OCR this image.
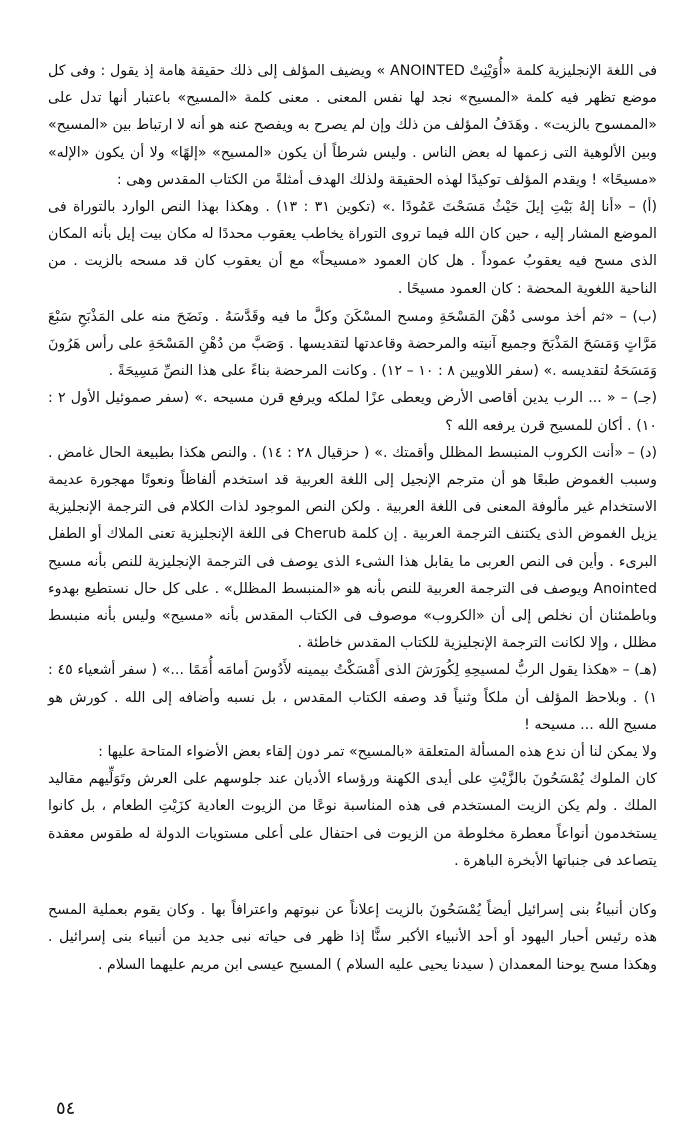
فى اللغة الإنجليزية كلمة «أُوَيْنِتْ ANOINTED » ويضيف المؤلف إلى ذلك حقيقة هامة إذ يقول : وفى كل موضع تظهر فيه كلمة «المسيح» نجد لها نفس المعنى . معنى كلمة «المسيح» باعتبار أنها تدل على «الممسوح بالزيت» . وهَدَفُ المؤلف من ذلك وإن لم يصرح به ويفصح عنه هو أنه لا ارتباط بين «المسيح» وبين الألوهية التى زعمها له بعض الناس . وليس شرطاً أن يكون «المسيح» «إلهًا» ولا أن يكون «الإله» «مسيحًا» ! ويقدم المؤلف توكيدًا لهذه الحقيقة ولذلك الهدف أمثلةً من الكتاب المقدس وهى :

(أ) – «أنا إلهُ بَيْتِ إيلَ حَيْثُ مَسَحْتَ عَمُودًا .» (تكوين ٣١ : ١٣) . وهكذا بهذا النص الوارد بالتوراة فى الموضع المشار إليه ، حين كان الله فيما تروى التوراة يخاطب يعقوب محددًا له مكان بيت إيل بأنه المكان الذى مسح فيه يعقوبُ عموداً . هل كان العمود «مسيحاً» مع أن يعقوب كان قد مسحه بالزيت . من الناحية اللغوية المحضة : كان العمود مسيحًا .

(ب) – «ثم أخذ موسى دُهْنَ المَسْحَةِ ومسح المسْكَنَ وكلَّ ما فيه وقَدَّسَهُ . ونَضَحَ منه على المَذْبَحِ سَبْعَ مَرَّاتٍ وَمَسَحَ المَذْبَحَ وجميع آنيته والمرحضة وقاعدتها لتقديسها . وَصَبَّ من دُهْنِ المَسْحَةِ على رأس هَرُونَ وَمَسَحَهُ لتقديسه .» (سفر اللاويين ٨ : ١٠ – ١٢) . وكانت المرحضة بناءً على هذا النصِّ مَسِيحَةً .

(جـ) – « ... الرب يدين أقاصى الأرض ويعطى عزًا لملكه ويرفع قرن مسيحه .» (سفر صموئيل الأول ٢ : ١٠) . أكان للمسيح قرن يرفعه الله ؟

(د) – «أنت الكروب المنبسط المظلل وأقمتك .» ( حزقيال ٢٨ : ١٤) . والنص هكذا بطبيعة الحال غامض . وسبب الغموض طبعًا هو أن مترجم الإنجيل إلى اللغة العربية قد استخدم ألفاظاً ونعوتًا مهجورة عديمة الاستخدام غير مألوفة المعنى فى اللغة العربية . ولكن النص الموجود لذات الكلام فى الترجمة الإنجليزية يزيل الغموض الذى يكتنف الترجمة العربية . إن كلمة Cherub فى اللغة الإنجليزية تعنى الملاك أو الطفل البرىء . وأين فى النص العربى ما يقابل هذا الشىء الذى يوصف فى الترجمة الإنجليزية للنص بأنه مسيح Anointed ويوصف فى الترجمة العربية للنص بأنه هو «المنبسط المظلل» . على كل حال نستطيع بهدوء وباطمئنان أن نخلص إلى أن «الكروب» موصوف فى الكتاب المقدس بأنه «مسيح» وليس بأنه منبسط مظلل ، وإلا لكانت الترجمة الإنجليزية للكتاب المقدس خاطئة .

(هـ) – «هكذا يقول الربُّ لمسيحِهِ لِكُورَشَ الذى أَمْسَكْتُ بيمينه لأَدُوسَ أمامَه أُمَمًا ...» ( سفر أشعياء ٤٥ : ١) . وبلاحظ المؤلف أن ملكاً وثنياً قد وصفه الكتاب المقدس ، بل نسبه وأضافه إلى الله . كورش هو مسيح الله ... مسيحه !

ولا يمكن لنا أن ندع هذه المسألة المتعلقة «بالمسيح» تمر دون إلقاء بعض الأضواء المتاحة عليها :

كان الملوك يُمْسَحُونَ بالزَّيْتِ على أيدى الكهنة ورؤساء الأديان عند جلوسهم على العرش وتَوَلِّيهم مقاليد الملك . ولم يكن الزيت المستخدم فى هذه المناسبة نوعًا من الزيوت العادية كزَيْتِ الطعام ، بل كانوا يستخدمون أنواعاً معطرة مخلوطة من الزيوت فى احتفال على أعلى مستويات الدولة له طقوس معقدة يتصاعد فى جنباتها الأبخرة الباهرة .

وكان أنبياءُ بنى إسرائيل أيضاً يُمْسَحُونَ بالزيت إعلاناً عن نبوتهم واعترافاً بها . وكان يقوم بعملية المسح هذه رئيس أحبار اليهود أو أحد الأنبياء الأكبر سنًّا إذا ظهر فى حياته نبى جديد من أنبياء بنى إسرائيل . وهكذا مسح يوحنا المعمدان ( سيدنا يحيى عليه السلام ) المسيح عيسى ابن مريم عليهما السلام .

٥٤
